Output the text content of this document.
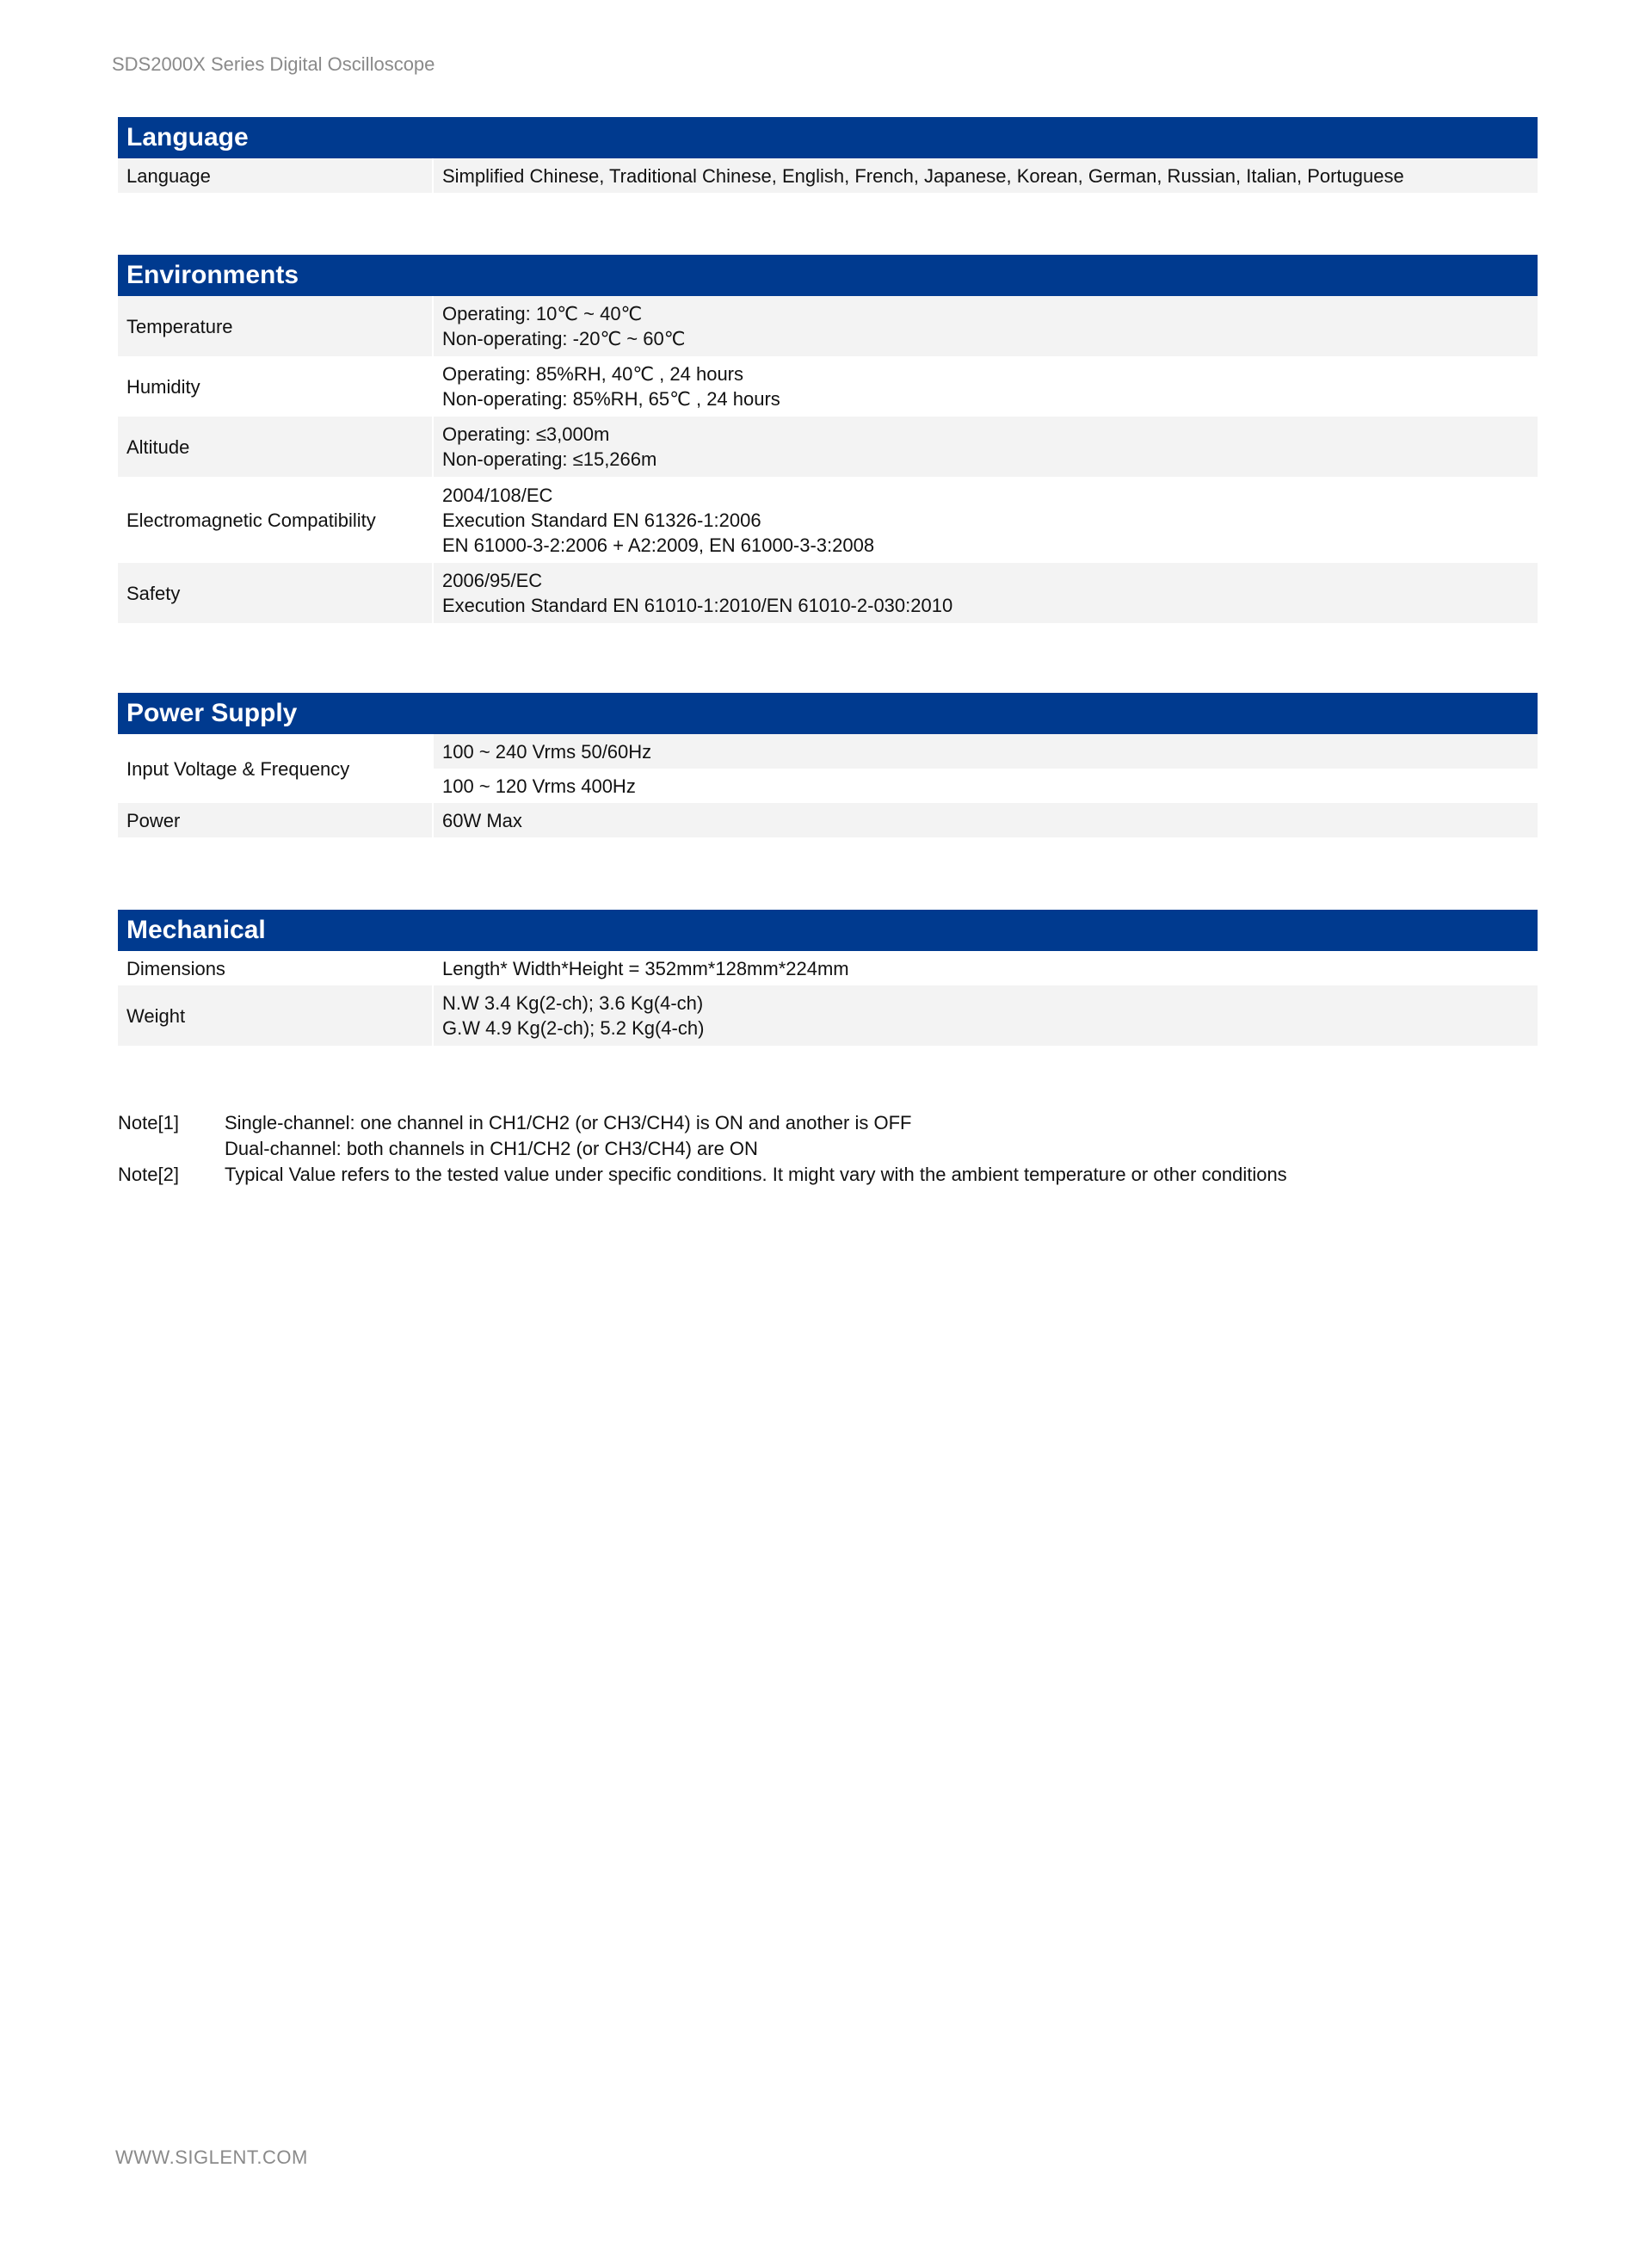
SDS2000X Series Digital Oscilloscope
Language
Language	Simplified Chinese, Traditional Chinese, English, French, Japanese, Korean, German, Russian, Italian, Portuguese
Environments
Temperature	Operating: 10℃ ~ 40℃
Non-operating: -20℃ ~ 60℃

Humidity	Operating: 85%RH, 40℃ , 24 hours
Non-operating: 85%RH, 65℃ , 24 hours

Altitude	Operating: ≤3,000m
Non-operating: ≤15,266m

Electromagnetic Compatibility	2004/108/EC
Execution Standard EN 61326-1:2006
EN 61000-3-2:2006 + A2:2009, EN 61000-3-3:2008

Safety	2006/95/EC
Execution Standard EN 61010-1:2010/EN 61010-2-030:2010
Power Supply
Input Voltage & Frequency	100 ~ 240 Vrms 50/60Hz

	100 ~ 120 Vrms 400Hz

Power	60W Max
Mechanical
Dimensions	Length* Width*Height = 352mm*128mm*224mm

Weight	N.W 3.4 Kg(2-ch); 3.6 Kg(4-ch)
G.W 4.9 Kg(2-ch); 5.2 Kg(4-ch)
Note[1]	Single-channel: one channel in CH1/CH2 (or CH3/CH4) is ON and another is OFF
Dual-channel: both channels in CH1/CH2 (or CH3/CH4) are ON
Note[2]	Typical Value refers to the tested value under specific conditions. It might vary with the ambient temperature or other conditions
WWW.SIGLENT.COM
